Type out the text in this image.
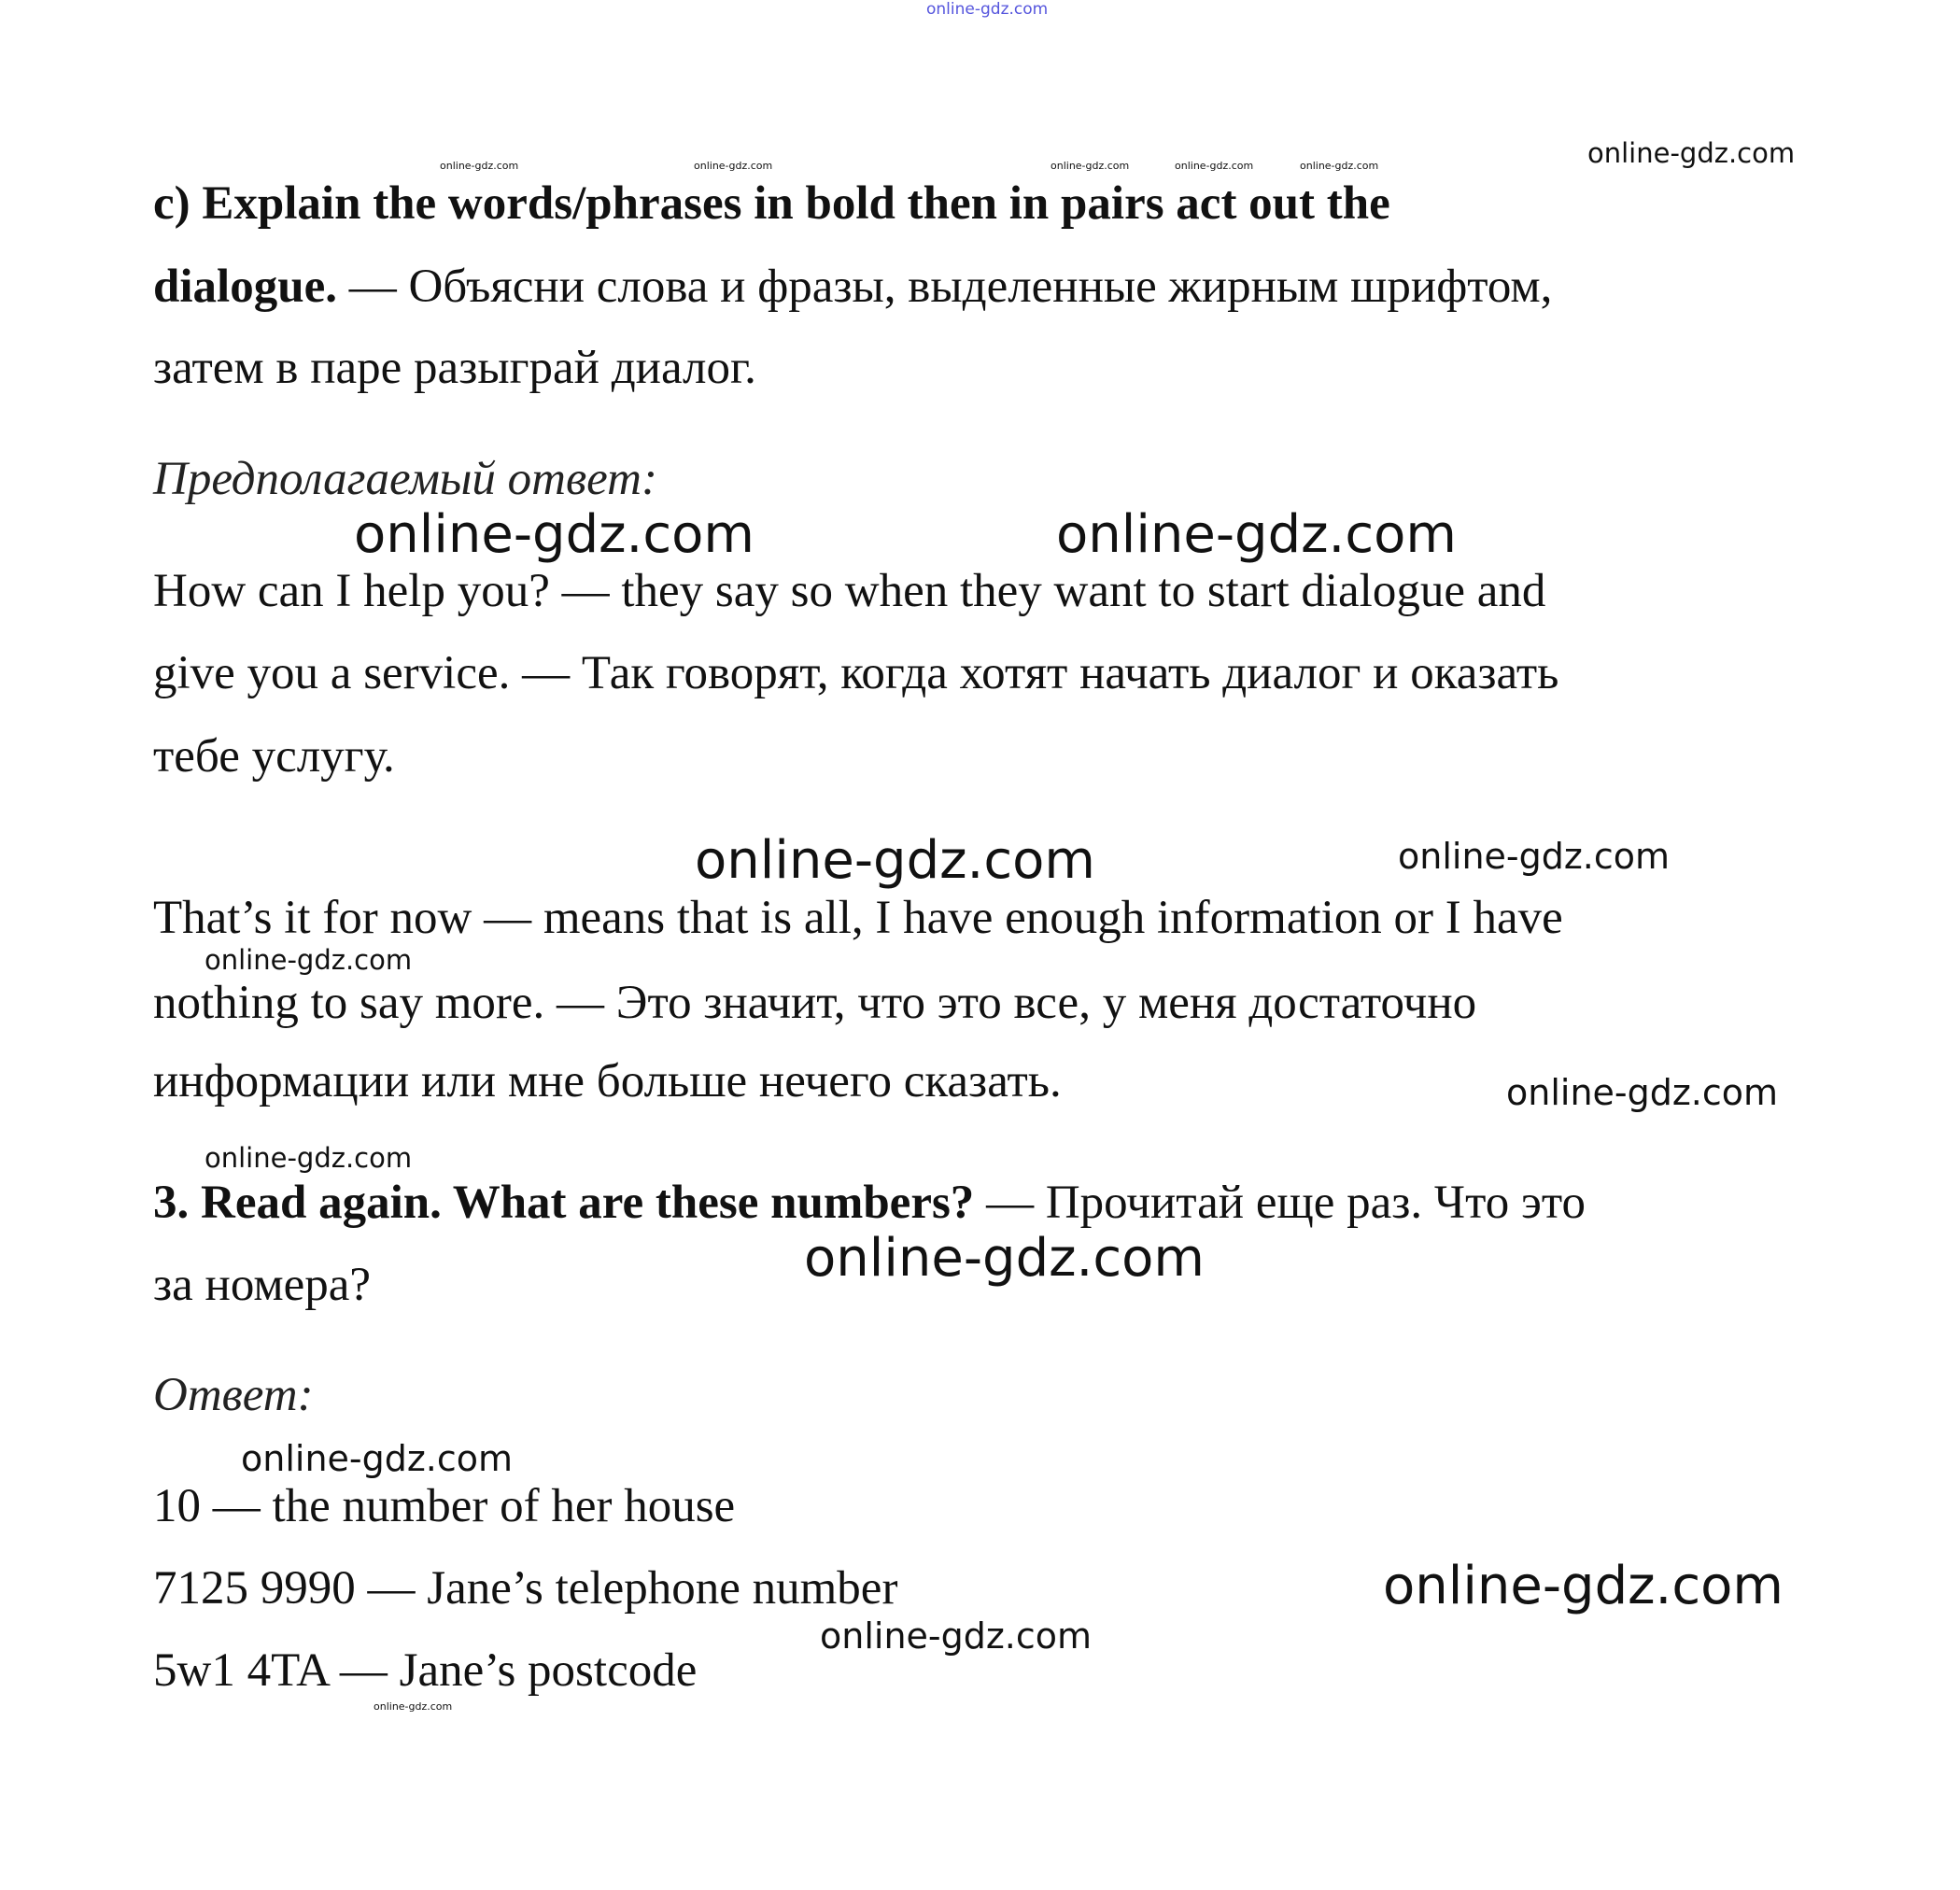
online-gdz.com
c) Explain the words/phrases in bold then in pairs act out the
dialogue. — Объясни слова и фразы, выделенные жирным шрифтом,
затем в паре разыграй диалог.
Предполагаемый ответ:
How can I help you? — they say so when they want to start dialogue and
give you a service. — Так говорят, когда хотят начать диалог и оказать
тебе услугу.
That’s it for now — means that is all, I have enough information or I have
nothing to say more. — Это значит, что это все, у меня достаточно
информации или мне больше нечего сказать.
3. Read again. What are these numbers? — Прочитай еще раз. Что это
за номера?
Ответ:
10 — the number of her house
7125 9990 — Jane’s telephone number
5w1 4TA — Jane’s postcode
online-gdz.com	online-gdz.com	online-gdz.com	online-gdz.com	online-gdz.com	online-gdz.com
online-gdz.com	online-gdz.com
online-gdz.com	online-gdz.com
online-gdz.com
online-gdz.com
online-gdz.com
online-gdz.com
online-gdz.com
online-gdz.com
online-gdz.com
online-gdz.com
